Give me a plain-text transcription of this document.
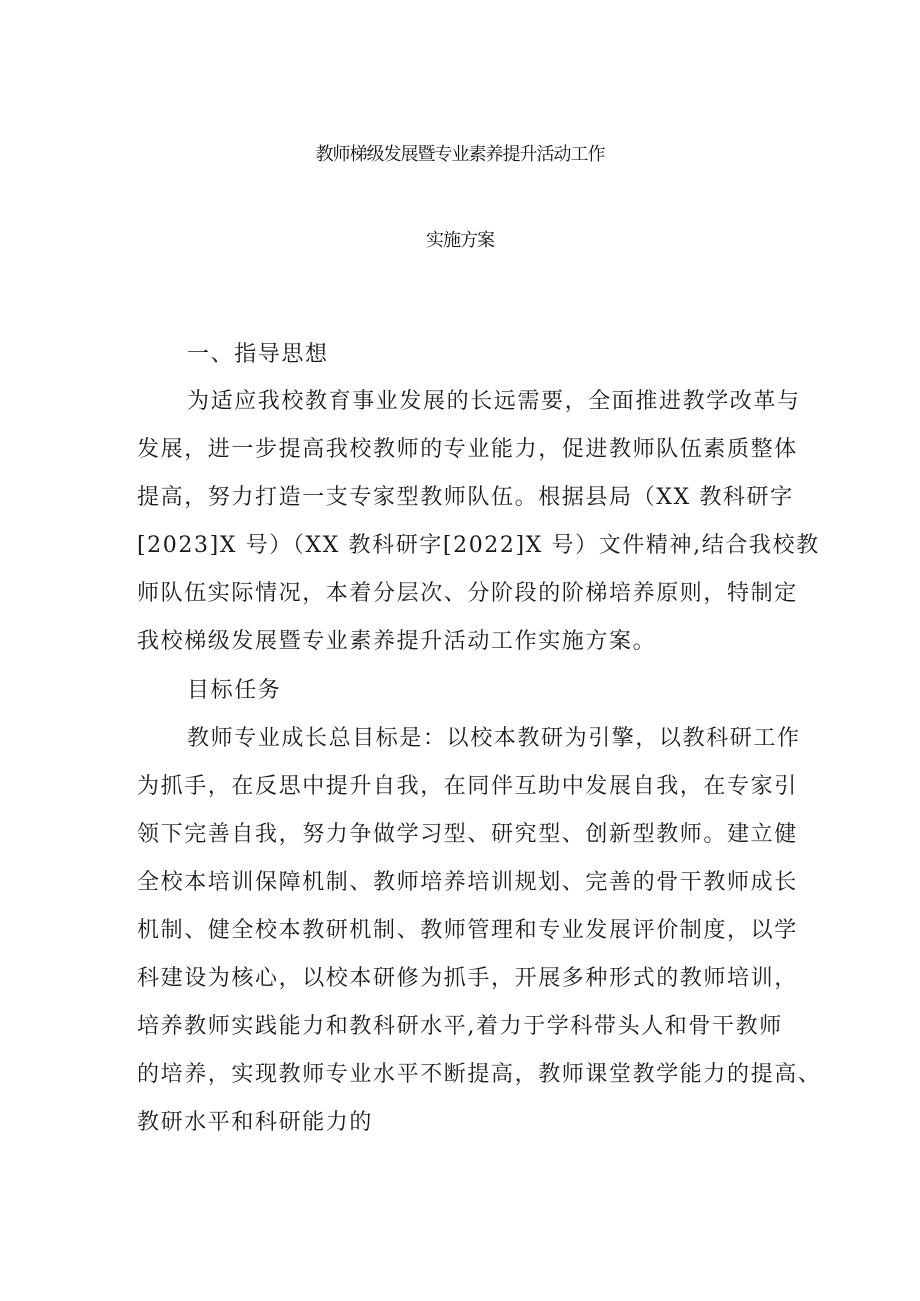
教师梯级发展暨专业素养提升活动工作
实施方案
一、指导思想
为适应我校教育事业发展的长远需要，全面推进教学改革与
发展，进一步提高我校教师的专业能力，促进教师队伍素质整体
提高，努力打造一支专家型教师队伍。根据县局（XX 教科研字
[2023]X 号）（XX 教科研字[2022]X 号）文件精神,结合我校教
师队伍实际情况，本着分层次、分阶段的阶梯培养原则，特制定
我校梯级发展暨专业素养提升活动工作实施方案。
目标任务
教师专业成长总目标是：以校本教研为引擎，以教科研工作
为抓手，在反思中提升自我，在同伴互助中发展自我，在专家引
领下完善自我，努力争做学习型、研究型、创新型教师。建立健
全校本培训保障机制、教师培养培训规划、完善的骨干教师成长
机制、健全校本教研机制、教师管理和专业发展评价制度，以学
科建设为核心，以校本研修为抓手，开展多种形式的教师培训，
培养教师实践能力和教科研水平,着力于学科带头人和骨干教师
的培养，实现教师专业水平不断提高，教师课堂教学能力的提高、
教研水平和科研能力的
